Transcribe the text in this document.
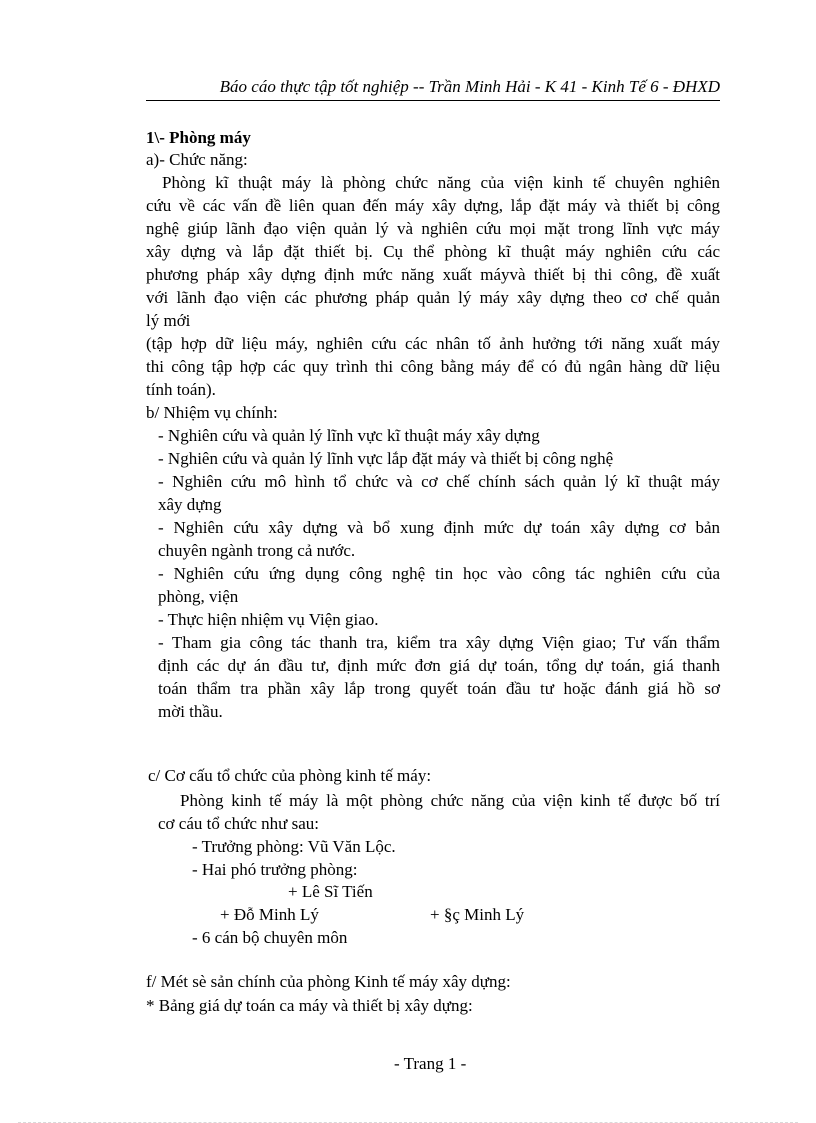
Báo cáo thực tập tốt nghiệp -- Trần Minh Hải - K 41 - Kinh Tế 6 - ĐHXD
1\- Phòng máy
a)- Chức năng:
Phòng kĩ thuật máy là phòng chức năng của viện kinh tế chuyên nghiên
cứu về các vấn đề liên quan đến máy xây dựng, lắp đặt máy và thiết bị công
nghệ giúp lãnh đạo viện quản lý và nghiên cứu mọi mặt trong lĩnh vực máy
xây dựng và lắp đặt thiết bị. Cụ thể phòng kĩ thuật máy nghiên cứu các
phương pháp xây dựng định mức năng xuất máyvà thiết bị thi công, đề xuất
với lãnh đạo viện các phương pháp quản lý máy xây dựng theo cơ chế quản
lý mới
(tập hợp dữ liệu máy, nghiên cứu các nhân tố ảnh hưởng tới năng xuất máy
thi công tập hợp các quy trình thi công bằng máy để có đủ ngân hàng dữ liệu
tính toán).
b/ Nhiệm vụ chính:
- Nghiên cứu và quản lý lĩnh vực kĩ thuật máy xây dựng
- Nghiên cứu và quản lý lĩnh vực lắp đặt máy và thiết bị công nghệ
- Nghiên cứu mô hình tổ chức và cơ chế chính sách quản lý kĩ thuật máy
xây dựng
- Nghiên cứu xây dựng và bổ xung định mức dự toán xây dựng cơ bản
chuyên ngành trong cả nước.
- Nghiên cứu ứng dụng công nghệ tin học vào công tác nghiên cứu của
phòng, viện
- Thực hiện nhiệm vụ Viện giao.
- Tham gia công tác thanh tra, kiểm tra xây dựng Viện giao; Tư vấn thẩm
định các dự án đầu tư, định mức đơn giá dự toán, tổng dự toán, giá thanh
toán thẩm tra phần xây lắp trong quyết toán đầu tư hoặc đánh giá hồ sơ
mời thầu.
c/ Cơ cấu tổ chức của phòng kinh tế máy:
Phòng kinh tế máy là một phòng chức năng của viện kinh tế được bố trí
cơ cáu tổ chức như sau:
- Trưởng phòng: Vũ Văn Lộc.
- Hai phó trưởng phòng:
+ Lê Sĩ Tiến
+ Đỗ Minh Lý	+ §ç Minh Lý
- 6 cán bộ chuyên môn
f/ Mét sè sản chính của phòng Kinh tế máy xây dựng:
* Bảng giá dự toán ca máy và thiết bị xây dựng:
- Trang 1 -
